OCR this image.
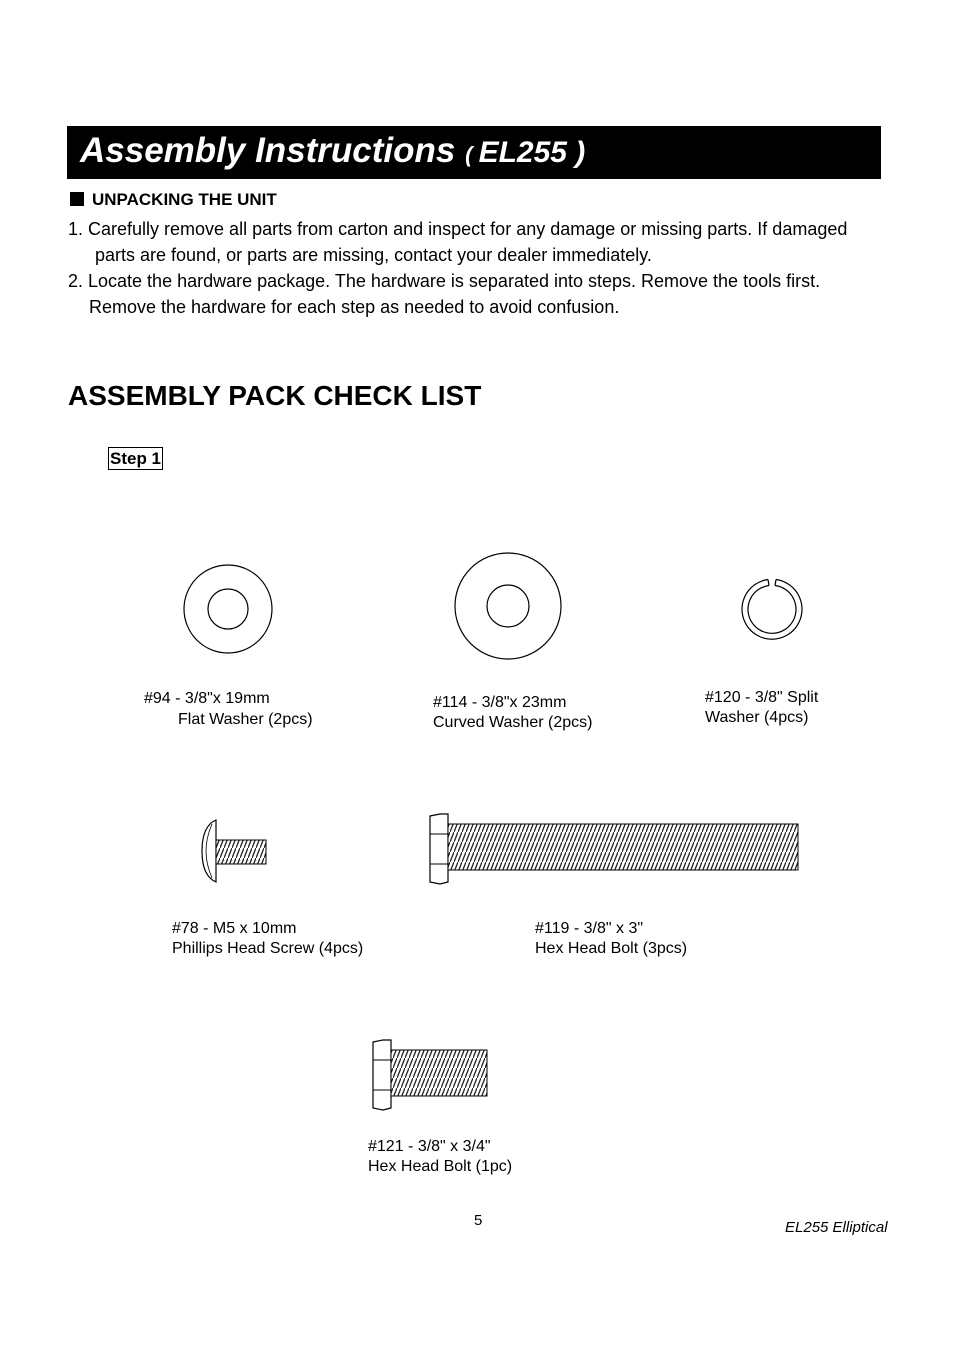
Assembly Instructions ( EL255 )
UNPACKING THE UNIT
1. Carefully remove all parts from carton and inspect for any damage or missing parts. If damaged
parts are found, or parts are missing, contact your dealer immediately.
2. Locate the hardware package. The hardware is separated into steps. Remove the tools first.
Remove the hardware for each step as needed to avoid confusion.
ASSEMBLY PACK CHECK LIST
Step 1
#94 - 3/8"x 19mm
Flat Washer (2pcs)
#114 - 3/8"x 23mm
Curved Washer (2pcs)
#120 - 3/8" Split
Washer (4pcs)
#78 - M5 x 10mm
Phillips Head Screw (4pcs)
#119 - 3/8" x 3"
Hex Head Bolt (3pcs)
#121 - 3/8" x 3/4"
Hex Head Bolt (1pc)
5	EL255 Elliptical
